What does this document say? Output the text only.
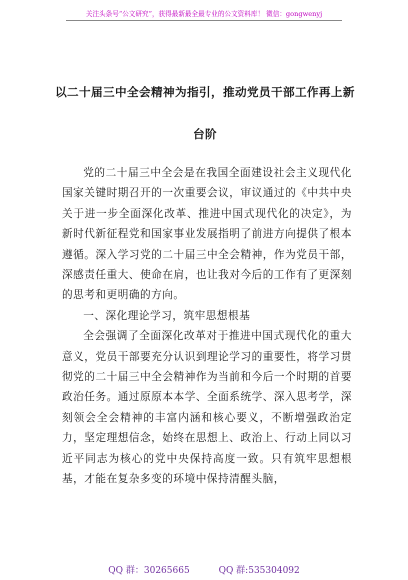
关注头条号“公文研究”，获得最新最全最专业的公文资料库！ 微信：gongwenyj
以二十届三中全会精神为指引，推动党员干部工作再上新
台阶

党的二十届三中全会是在我国全面建设社会主义现代化国家关键时期召开的一次重要会议，审议通过的《中共中央关于进一步全面深化改革、推进中国式现代化的决定》，为新时代新征程党和国家事业发展指明了前进方向提供了根本遵循。深入学习党的二十届三中全会精神，作为党员干部，深感责任重大、使命在肩，也让我对今后的工作有了更深刻的思考和更明确的方向。

一、深化理论学习，筑牢思想根基

全会强调了全面深化改革对于推进中国式现代化的重大意义，党员干部要充分认识到理论学习的重要性，将学习贯彻党的二十届三中全会精神作为当前和今后一个时期的首要政治任务。通过原原本本学、全面系统学、深入思考学，深刻领会全会精神的丰富内涵和核心要义，不断增强政治定力，坚定理想信念，始终在思想上、政治上、行动上同以习近平同志为核心的党中央保持高度一致。只有筑牢思想根基，才能在复杂多变的环境中保持清醒头脑，

QQ 群：30265665	QQ 群:535304092
